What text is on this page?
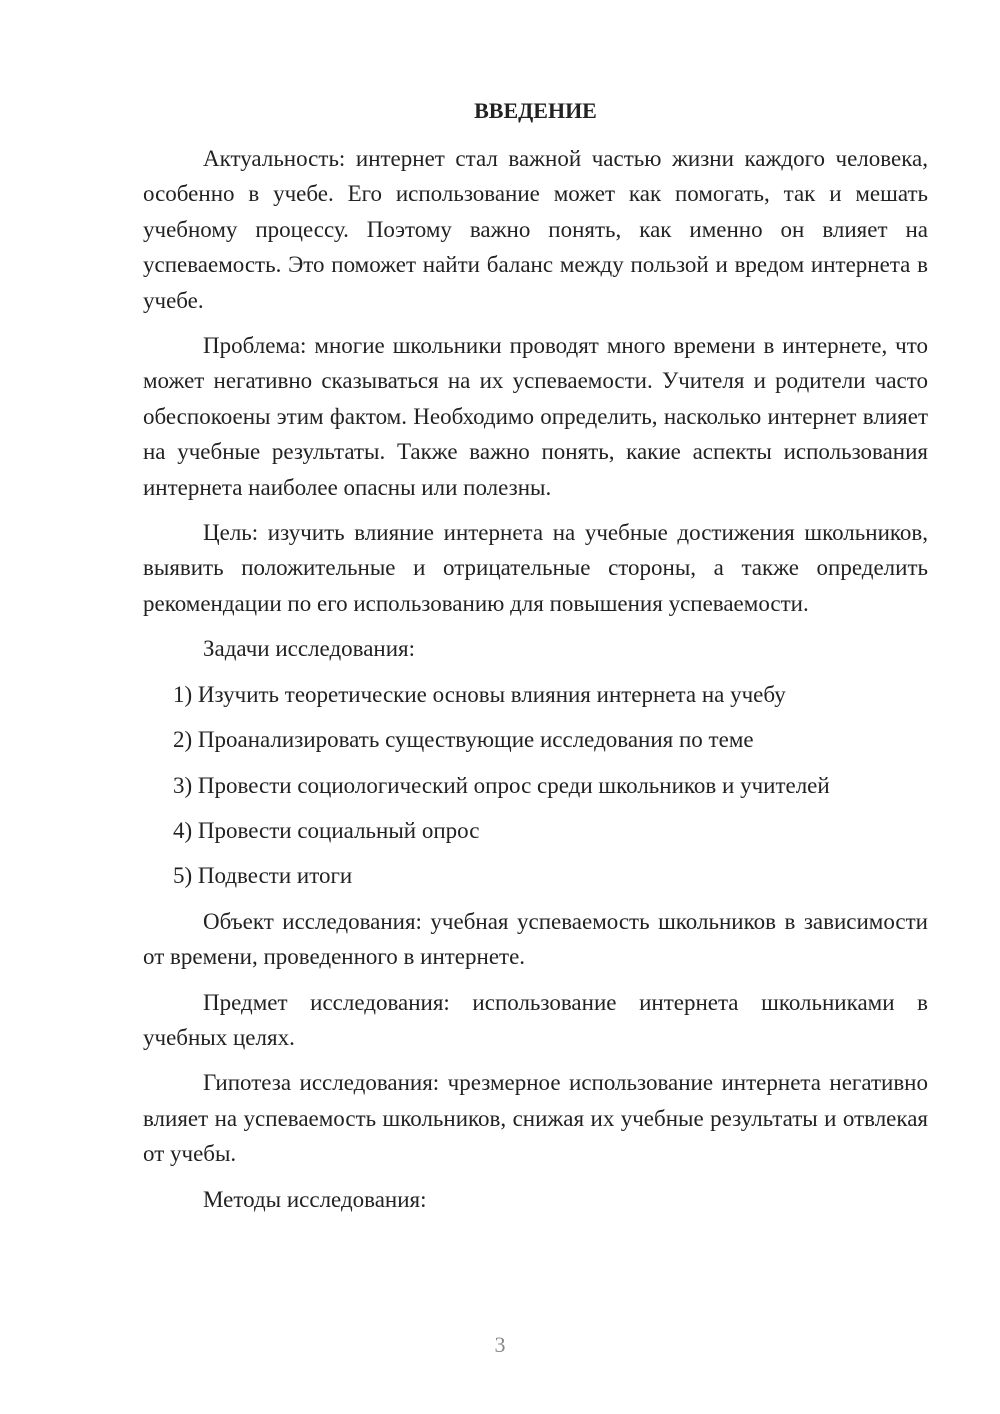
ВВЕДЕНИЕ

Актуальность: интернет стал важной частью жизни каждого человека, особенно в учебе. Его использование может как помогать, так и мешать учебному процессу. Поэтому важно понять, как именно он влияет на успеваемость. Это поможет найти баланс между пользой и вредом интернета в учебе.

Проблема: многие школьники проводят много времени в интернете, что может негативно сказываться на их успеваемости. Учителя и родители часто обеспокоены этим фактом. Необходимо определить, насколько интернет влияет на учебные результаты. Также важно понять, какие аспекты использования интернета наиболее опасны или полезны.

Цель: изучить влияние интернета на учебные достижения школьников, выявить положительные и отрицательные стороны, а также определить рекомендации по его использованию для повышения успеваемости.

Задачи исследования:

1) Изучить теоретические основы влияния интернета на учебу
2) Проанализировать существующие исследования по теме
3) Провести социологический опрос среди школьников и учителей
4) Провести социальный опрос
5) Подвести итоги

Объект исследования: учебная успеваемость школьников в зависимости от времени, проведенного в интернете.

Предмет исследования: использование интернета школьниками в учебных целях.

Гипотеза исследования: чрезмерное использование интернета негативно влияет на успеваемость школьников, снижая их учебные результаты и отвлекая от учебы.

Методы исследования:

3
